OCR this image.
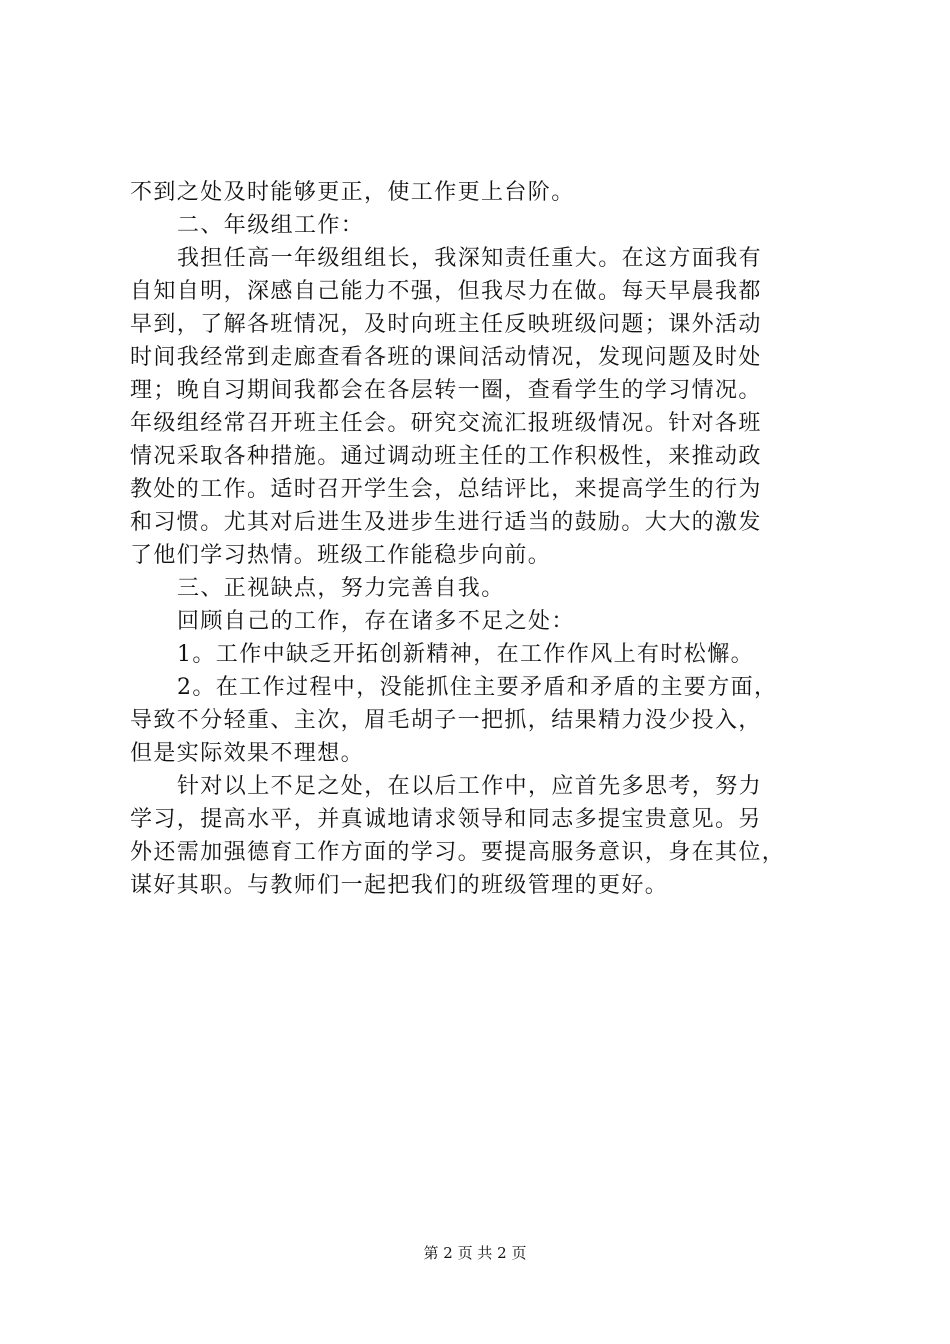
不到之处及时能够更正，使工作更上台阶。
二、年级组工作：
我担任高一年级组组长，我深知责任重大。在这方面我有
自知自明，深感自己能力不强，但我尽力在做。每天早晨我都
早到，了解各班情况，及时向班主任反映班级问题；课外活动
时间我经常到走廊查看各班的课间活动情况，发现问题及时处
理；晚自习期间我都会在各层转一圈，查看学生的学习情况。
年级组经常召开班主任会。研究交流汇报班级情况。针对各班
情况采取各种措施。通过调动班主任的工作积极性，来推动政
教处的工作。适时召开学生会，总结评比，来提高学生的行为
和习惯。尤其对后进生及进步生进行适当的鼓励。大大的激发
了他们学习热情。班级工作能稳步向前。
三、正视缺点，努力完善自我。
回顾自己的工作，存在诸多不足之处：
1。工作中缺乏开拓创新精神，在工作作风上有时松懈。
2。在工作过程中，没能抓住主要矛盾和矛盾的主要方面，
导致不分轻重、主次，眉毛胡子一把抓，结果精力没少投入，
但是实际效果不理想。
针对以上不足之处，在以后工作中，应首先多思考，努力
学习，提高水平，并真诚地请求领导和同志多提宝贵意见。另
外还需加强德育工作方面的学习。要提高服务意识，身在其位，
谋好其职。与教师们一起把我们的班级管理的更好。
第 2 页 共 2 页
